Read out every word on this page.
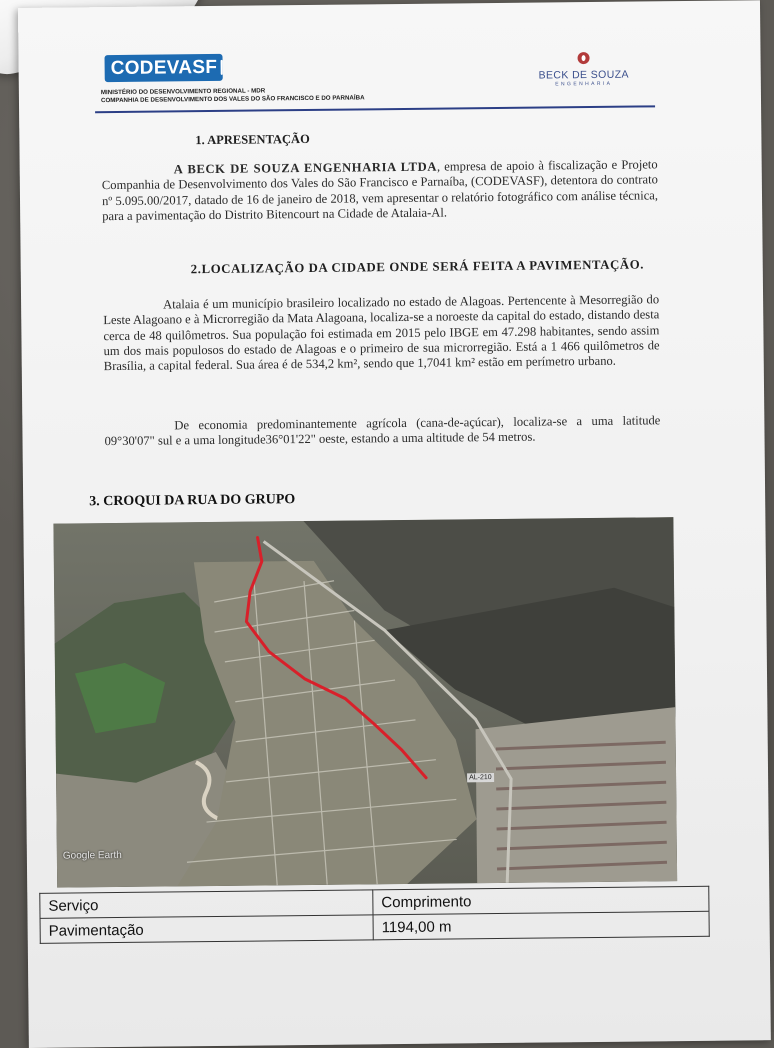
CODEVASF
MINISTÉRIO DO DESENVOLVIMENTO REGIONAL - MDR
COMPANHIA DE DESENVOLVIMENTO DOS VALES DO SÃO FRANCISCO E DO PARNAÍBA
BECK DE SOUZA
ENGENHARIA
1. APRESENTAÇÃO
A BECK DE SOUZA ENGENHARIA LTDA, empresa de apoio à fiscalização e Projeto Companhia de Desenvolvimento dos Vales do São Francisco e Parnaíba, (CODEVASF), detentora do contrato nº 5.095.00/2017, datado de 16 de janeiro de 2018, vem apresentar o relatório fotográfico com análise técnica, para a pavimentação do Distrito Bitencourt na Cidade de Atalaia-Al.
2.LOCALIZAÇÃO DA CIDADE ONDE SERÁ FEITA A PAVIMENTAÇÃO.
Atalaia é um município brasileiro localizado no estado de Alagoas. Pertencente à Mesorregião do Leste Alagoano e à Microrregião da Mata Alagoana, localiza-se a noroeste da capital do estado, distando desta cerca de 48 quilômetros. Sua população foi estimada em 2015 pelo IBGE em 47.298 habitantes, sendo assim um dos mais populosos do estado de Alagoas e o primeiro de sua microrregião. Está a 1 466 quilômetros de Brasília, a capital federal. Sua área é de 534,2 km², sendo que 1,7041 km² estão em perímetro urbano.
De economia predominantemente agrícola (cana-de-açúcar), localiza-se a uma latitude 09°30'07" sul e a uma longitude36°01'22" oeste, estando a uma altitude de 54 metros.
3. CROQUI DA RUA DO GRUPO
AL-210
Google Earth
Serviço	Comprimento
Pavimentação	1194,00 m
